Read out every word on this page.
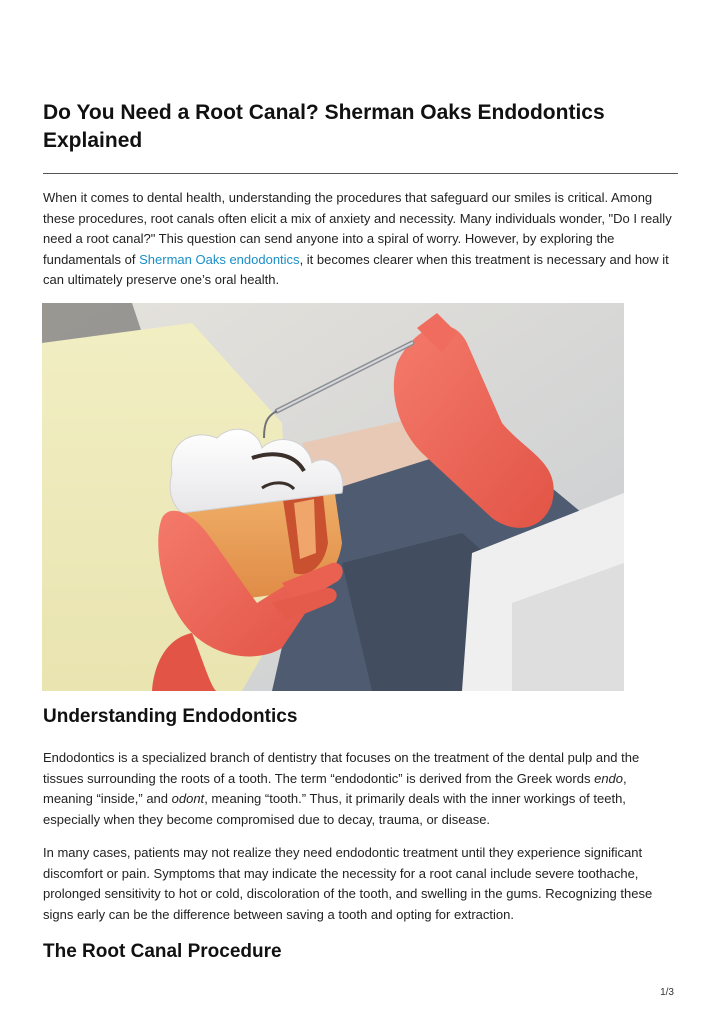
Do You Need a Root Canal? Sherman Oaks Endodontics Explained

When it comes to dental health, understanding the procedures that safeguard our smiles is critical. Among these procedures, root canals often elicit a mix of anxiety and necessity. Many individuals wonder, "Do I really need a root canal?" This question can send anyone into a spiral of worry. However, by exploring the fundamentals of Sherman Oaks endodontics, it becomes clearer when this treatment is necessary and how it can ultimately preserve one’s oral health.

Understanding Endodontics

Endodontics is a specialized branch of dentistry that focuses on the treatment of the dental pulp and the tissues surrounding the roots of a tooth. The term “endodontic” is derived from the Greek words endo, meaning “inside,” and odont, meaning “tooth.” Thus, it primarily deals with the inner workings of teeth, especially when they become compromised due to decay, trauma, or disease.

In many cases, patients may not realize they need endodontic treatment until they experience significant discomfort or pain. Symptoms that may indicate the necessity for a root canal include severe toothache, prolonged sensitivity to hot or cold, discoloration of the tooth, and swelling in the gums. Recognizing these signs early can be the difference between saving a tooth and opting for extraction.

The Root Canal Procedure
1/3
